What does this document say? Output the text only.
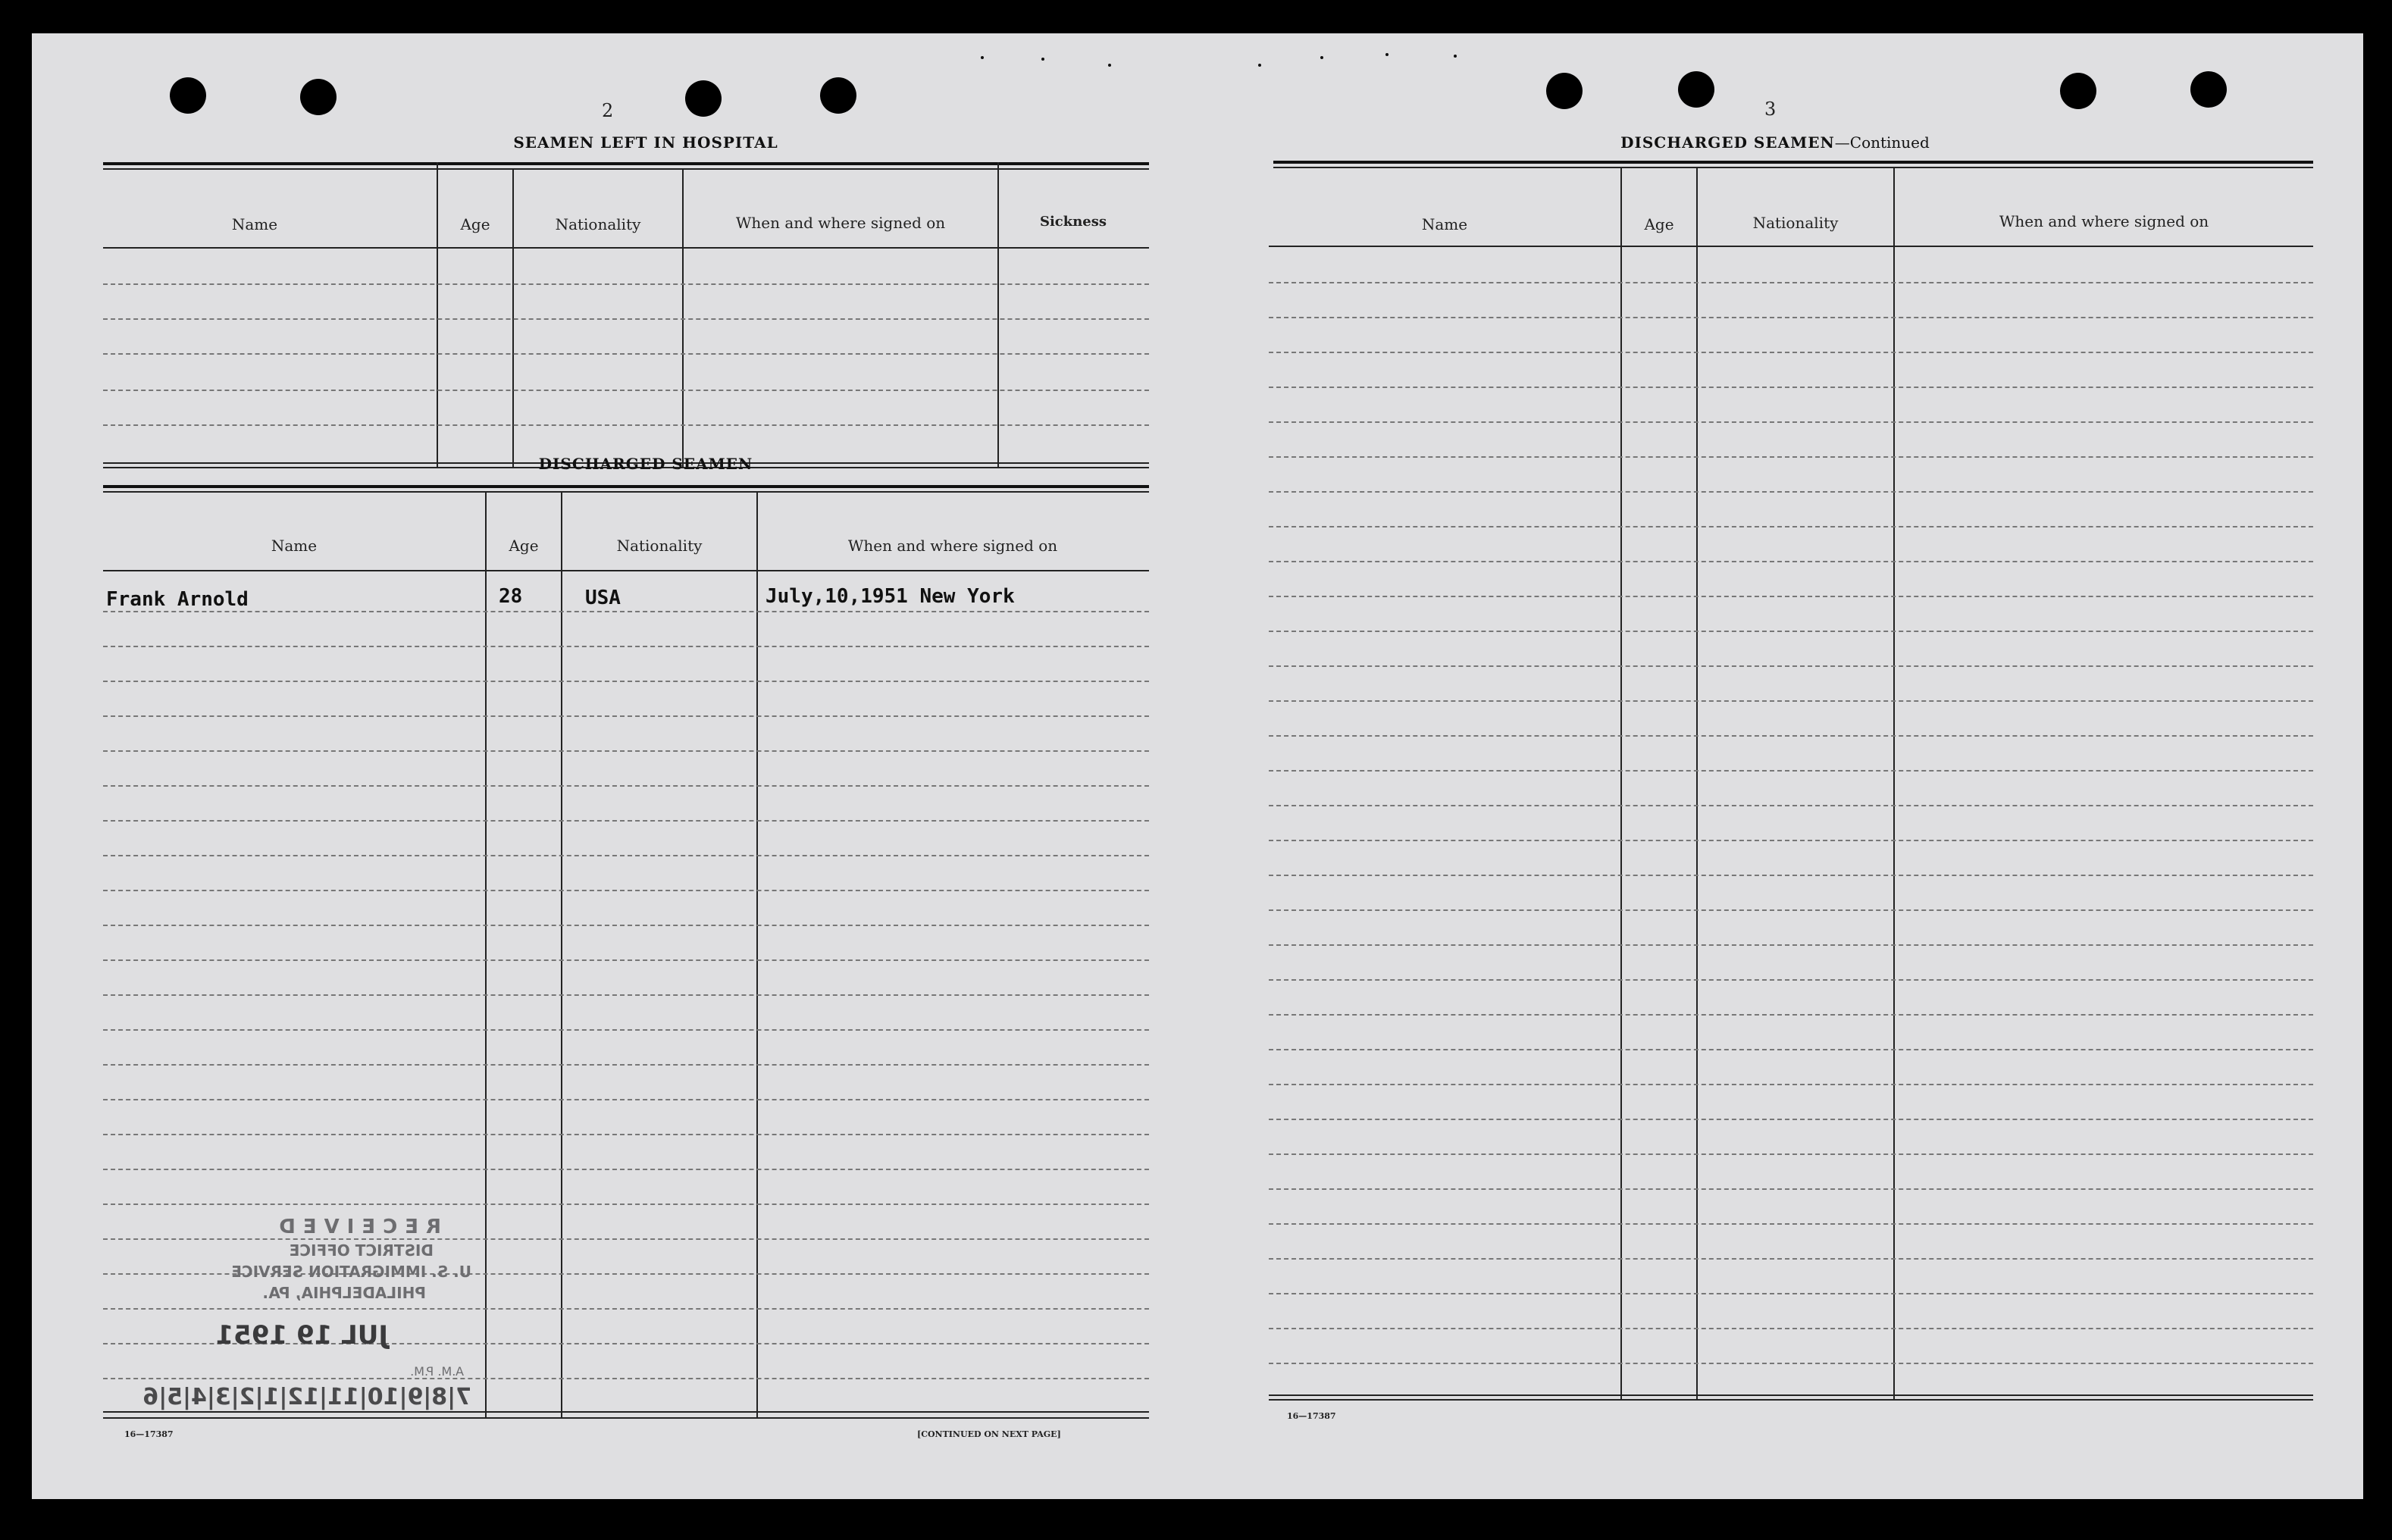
2
SEAMEN LEFT IN HOSPITAL
Name	Age	Nationality	When and where signed on	Sickness
DISCHARGED SEAMEN
Name	Age	Nationality	When and where signed on
Frank Arnold	28	USA	July,10,1951 New York
RECEIVED
DISTRICT OFFICE
U. S. IMMIGRATION SERVICE
PHILADELPHIA, PA.
JUL 19 1951
A.M. P.M.
7|8|9|10|11|12|1|2|3|4|5|6
16—17387	[CONTINUED ON NEXT PAGE]
3
DISCHARGED SEAMEN—Continued
Name	Age	Nationality	When and where signed on
16—17387
